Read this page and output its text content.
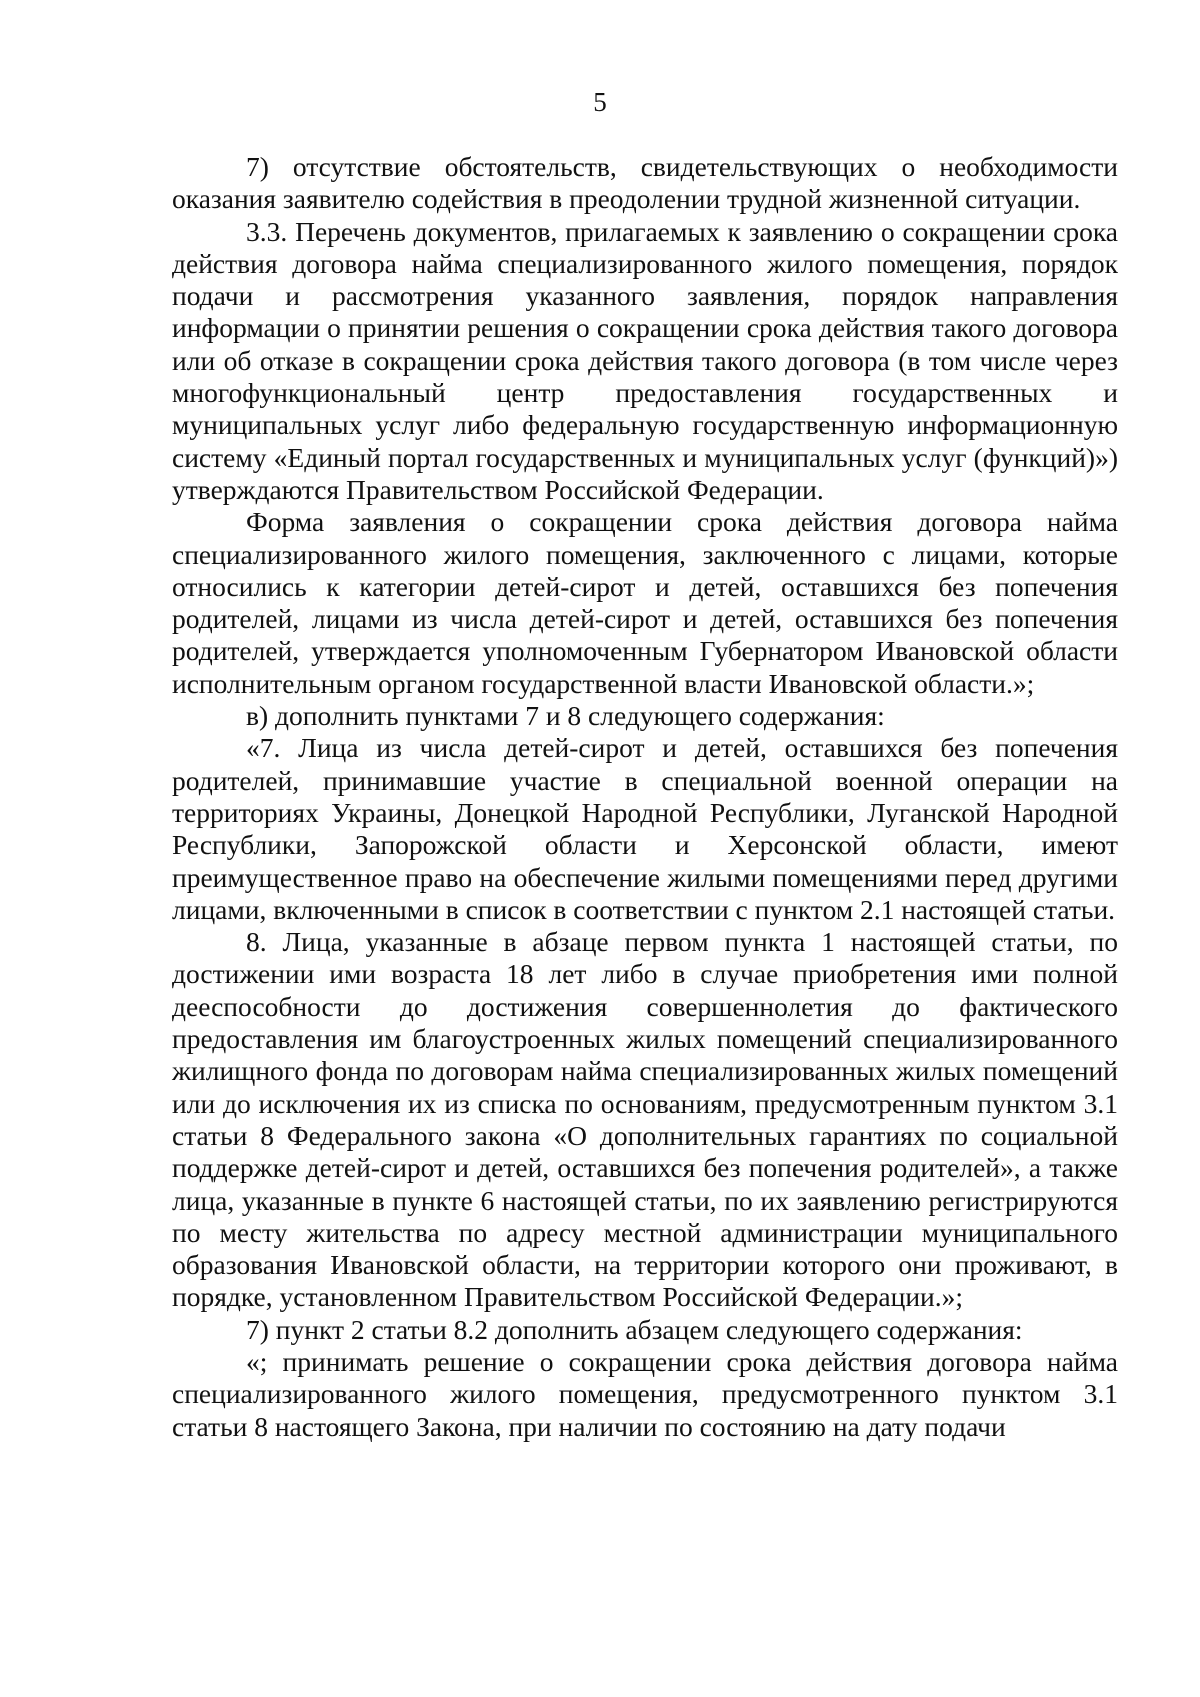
5

7) отсутствие обстоятельств, свидетельствующих о необходимости оказания заявителю содействия в преодолении трудной жизненной ситуации.

3.3. Перечень документов, прилагаемых к заявлению о сокращении срока действия договора найма специализированного жилого помещения, порядок подачи и рассмотрения указанного заявления, порядок направления информации о принятии решения о сокращении срока действия такого договора или об отказе в сокращении срока действия такого договора (в том числе через многофункциональный центр предоставления государственных и муниципальных услуг либо федеральную государственную информационную систему «Единый портал государственных и муниципальных услуг (функций)») утверждаются Правительством Российской Федерации.

Форма заявления о сокращении срока действия договора найма специализированного жилого помещения, заключенного с лицами, которые относились к категории детей-сирот и детей, оставшихся без попечения родителей, лицами из числа детей-сирот и детей, оставшихся без попечения родителей, утверждается уполномоченным Губернатором Ивановской области исполнительным органом государственной власти Ивановской области.»;

в) дополнить пунктами 7 и 8 следующего содержания:

«7. Лица из числа детей-сирот и детей, оставшихся без попечения родителей, принимавшие участие в специальной военной операции на территориях Украины, Донецкой Народной Республики, Луганской Народной Республики, Запорожской области и Херсонской области, имеют преимущественное право на обеспечение жилыми помещениями перед другими лицами, включенными в список в соответствии с пунктом 2.1 настоящей статьи.

8. Лица, указанные в абзаце первом пункта 1 настоящей статьи, по достижении ими возраста 18 лет либо в случае приобретения ими полной дееспособности до достижения совершеннолетия до фактического предоставления им благоустроенных жилых помещений специализированного жилищного фонда по договорам найма специализированных жилых помещений или до исключения их из списка по основаниям, предусмотренным пунктом 3.1 статьи 8 Федерального закона «О дополнительных гарантиях по социальной поддержке детей-сирот и детей, оставшихся без попечения родителей», а также лица, указанные в пункте 6 настоящей статьи, по их заявлению регистрируются по месту жительства по адресу местной администрации муниципального образования Ивановской области, на территории которого они проживают, в порядке, установленном Правительством Российской Федерации.»;

7) пункт 2 статьи 8.2 дополнить абзацем следующего содержания:

«; принимать решение о сокращении срока действия договора найма специализированного жилого помещения, предусмотренного пунктом 3.1 статьи 8 настоящего Закона, при наличии по состоянию на дату подачи
